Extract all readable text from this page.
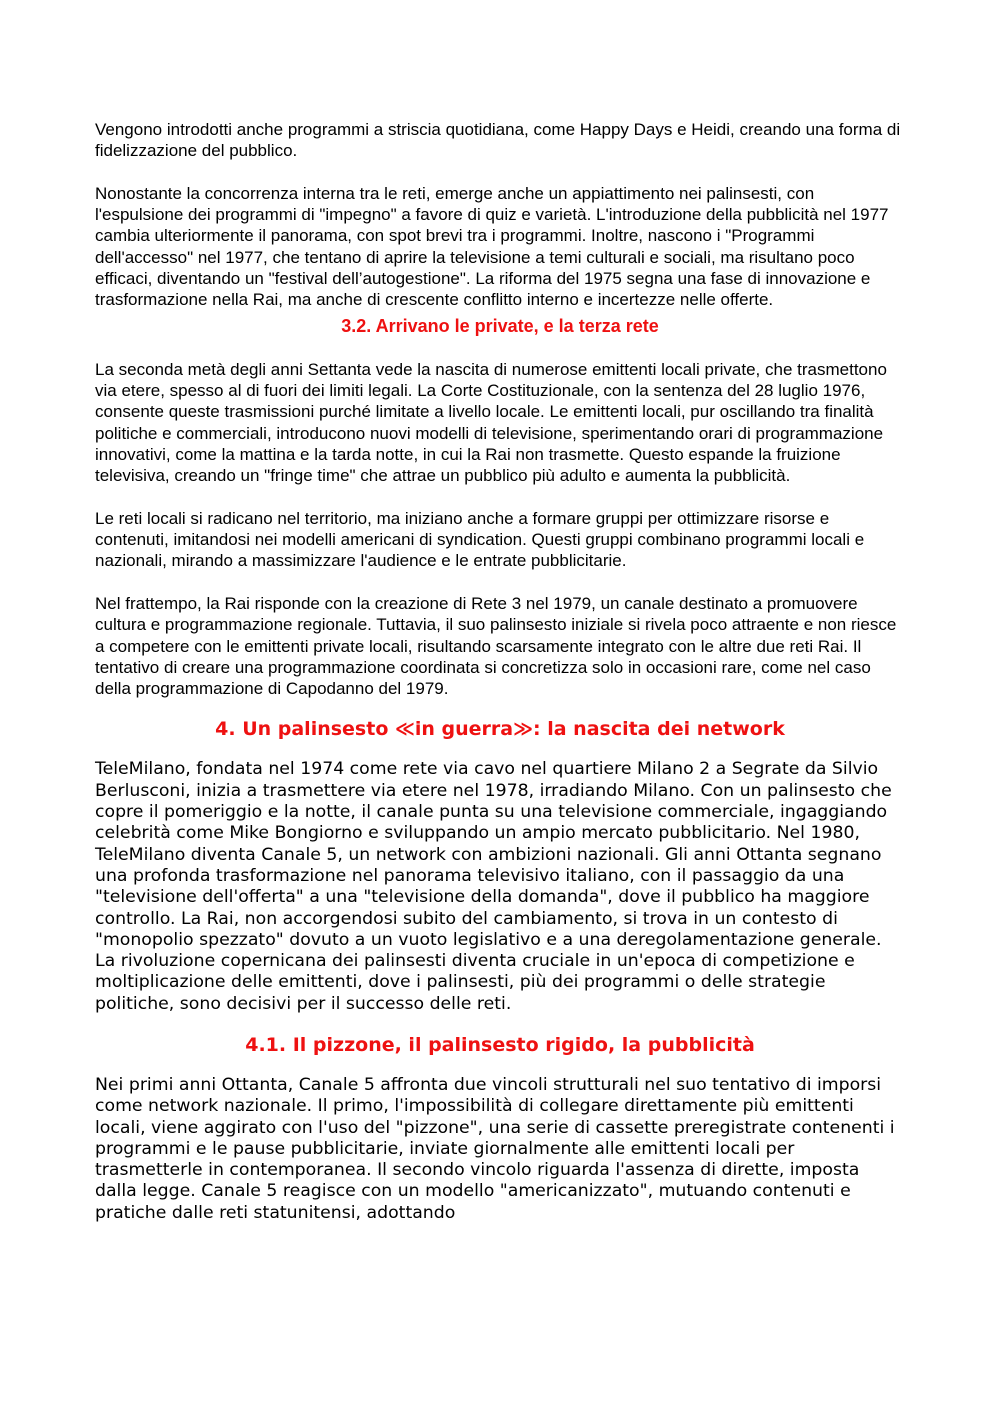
Vengono introdotti anche programmi a striscia quotidiana, come Happy Days e Heidi, creando una forma di fidelizzazione del pubblico.

Nonostante la concorrenza interna tra le reti, emerge anche un appiattimento nei palinsesti, con l'espulsione dei programmi di "impegno" a favore di quiz e varietà. L'introduzione della pubblicità nel 1977 cambia ulteriormente il panorama, con spot brevi tra i programmi. Inoltre, nascono i "Programmi dell'accesso" nel 1977, che tentano di aprire la televisione a temi culturali e sociali, ma risultano poco efficaci, diventando un "festival dell’autogestione". La riforma del 1975 segna una fase di innovazione e trasformazione nella Rai, ma anche di crescente conflitto interno e incertezze nelle offerte.

3.2. Arrivano le private, e la terza rete

La seconda metà degli anni Settanta vede la nascita di numerose emittenti locali private, che trasmettono via etere, spesso al di fuori dei limiti legali. La Corte Costituzionale, con la sentenza del 28 luglio 1976, consente queste trasmissioni purché limitate a livello locale. Le emittenti locali, pur oscillando tra finalità politiche e commerciali, introducono nuovi modelli di televisione, sperimentando orari di programmazione innovativi, come la mattina e la tarda notte, in cui la Rai non trasmette. Questo espande la fruizione televisiva, creando un "fringe time" che attrae un pubblico più adulto e aumenta la pubblicità.

Le reti locali si radicano nel territorio, ma iniziano anche a formare gruppi per ottimizzare risorse e contenuti, imitandosi nei modelli americani di syndication. Questi gruppi combinano programmi locali e nazionali, mirando a massimizzare l'audience e le entrate pubblicitarie.

Nel frattempo, la Rai risponde con la creazione di Rete 3 nel 1979, un canale destinato a promuovere cultura e programmazione regionale. Tuttavia, il suo palinsesto iniziale si rivela poco attraente e non riesce a competere con le emittenti private locali, risultando scarsamente integrato con le altre due reti Rai. Il tentativo di creare una programmazione coordinata si concretizza solo in occasioni rare, come nel caso della programmazione di Capodanno del 1979.

4. Un palinsesto ≪in guerra≫: la nascita dei network

TeleMilano, fondata nel 1974 come rete via cavo nel quartiere Milano 2 a Segrate da Silvio Berlusconi, inizia a trasmettere via etere nel 1978, irradiando Milano. Con un palinsesto che copre il pomeriggio e la notte, il canale punta su una televisione commerciale, ingaggiando celebrità come Mike Bongiorno e sviluppando un ampio mercato pubblicitario. Nel 1980, TeleMilano diventa Canale 5, un network con ambizioni nazionali. Gli anni Ottanta segnano una profonda trasformazione nel panorama televisivo italiano, con il passaggio da una "televisione dell'offerta" a una "televisione della domanda", dove il pubblico ha maggiore controllo. La Rai, non accorgendosi subito del cambiamento, si trova in un contesto di "monopolio spezzato" dovuto a un vuoto legislativo e a una deregolamentazione generale. La rivoluzione copernicana dei palinsesti diventa cruciale in un'epoca di competizione e moltiplicazione delle emittenti, dove i palinsesti, più dei programmi o delle strategie politiche, sono decisivi per il successo delle reti.

4.1. Il pizzone, il palinsesto rigido, la pubblicità

Nei primi anni Ottanta, Canale 5 affronta due vincoli strutturali nel suo tentativo di imporsi come network nazionale. Il primo, l'impossibilità di collegare direttamente più emittenti locali, viene aggirato con l'uso del "pizzone", una serie di cassette preregistrate contenenti i programmi e le pause pubblicitarie, inviate giornalmente alle emittenti locali per trasmetterle in contemporanea. Il secondo vincolo riguarda l'assenza di dirette, imposta dalla legge. Canale 5 reagisce con un modello "americanizzato", mutuando contenuti e pratiche dalle reti statunitensi, adottando
